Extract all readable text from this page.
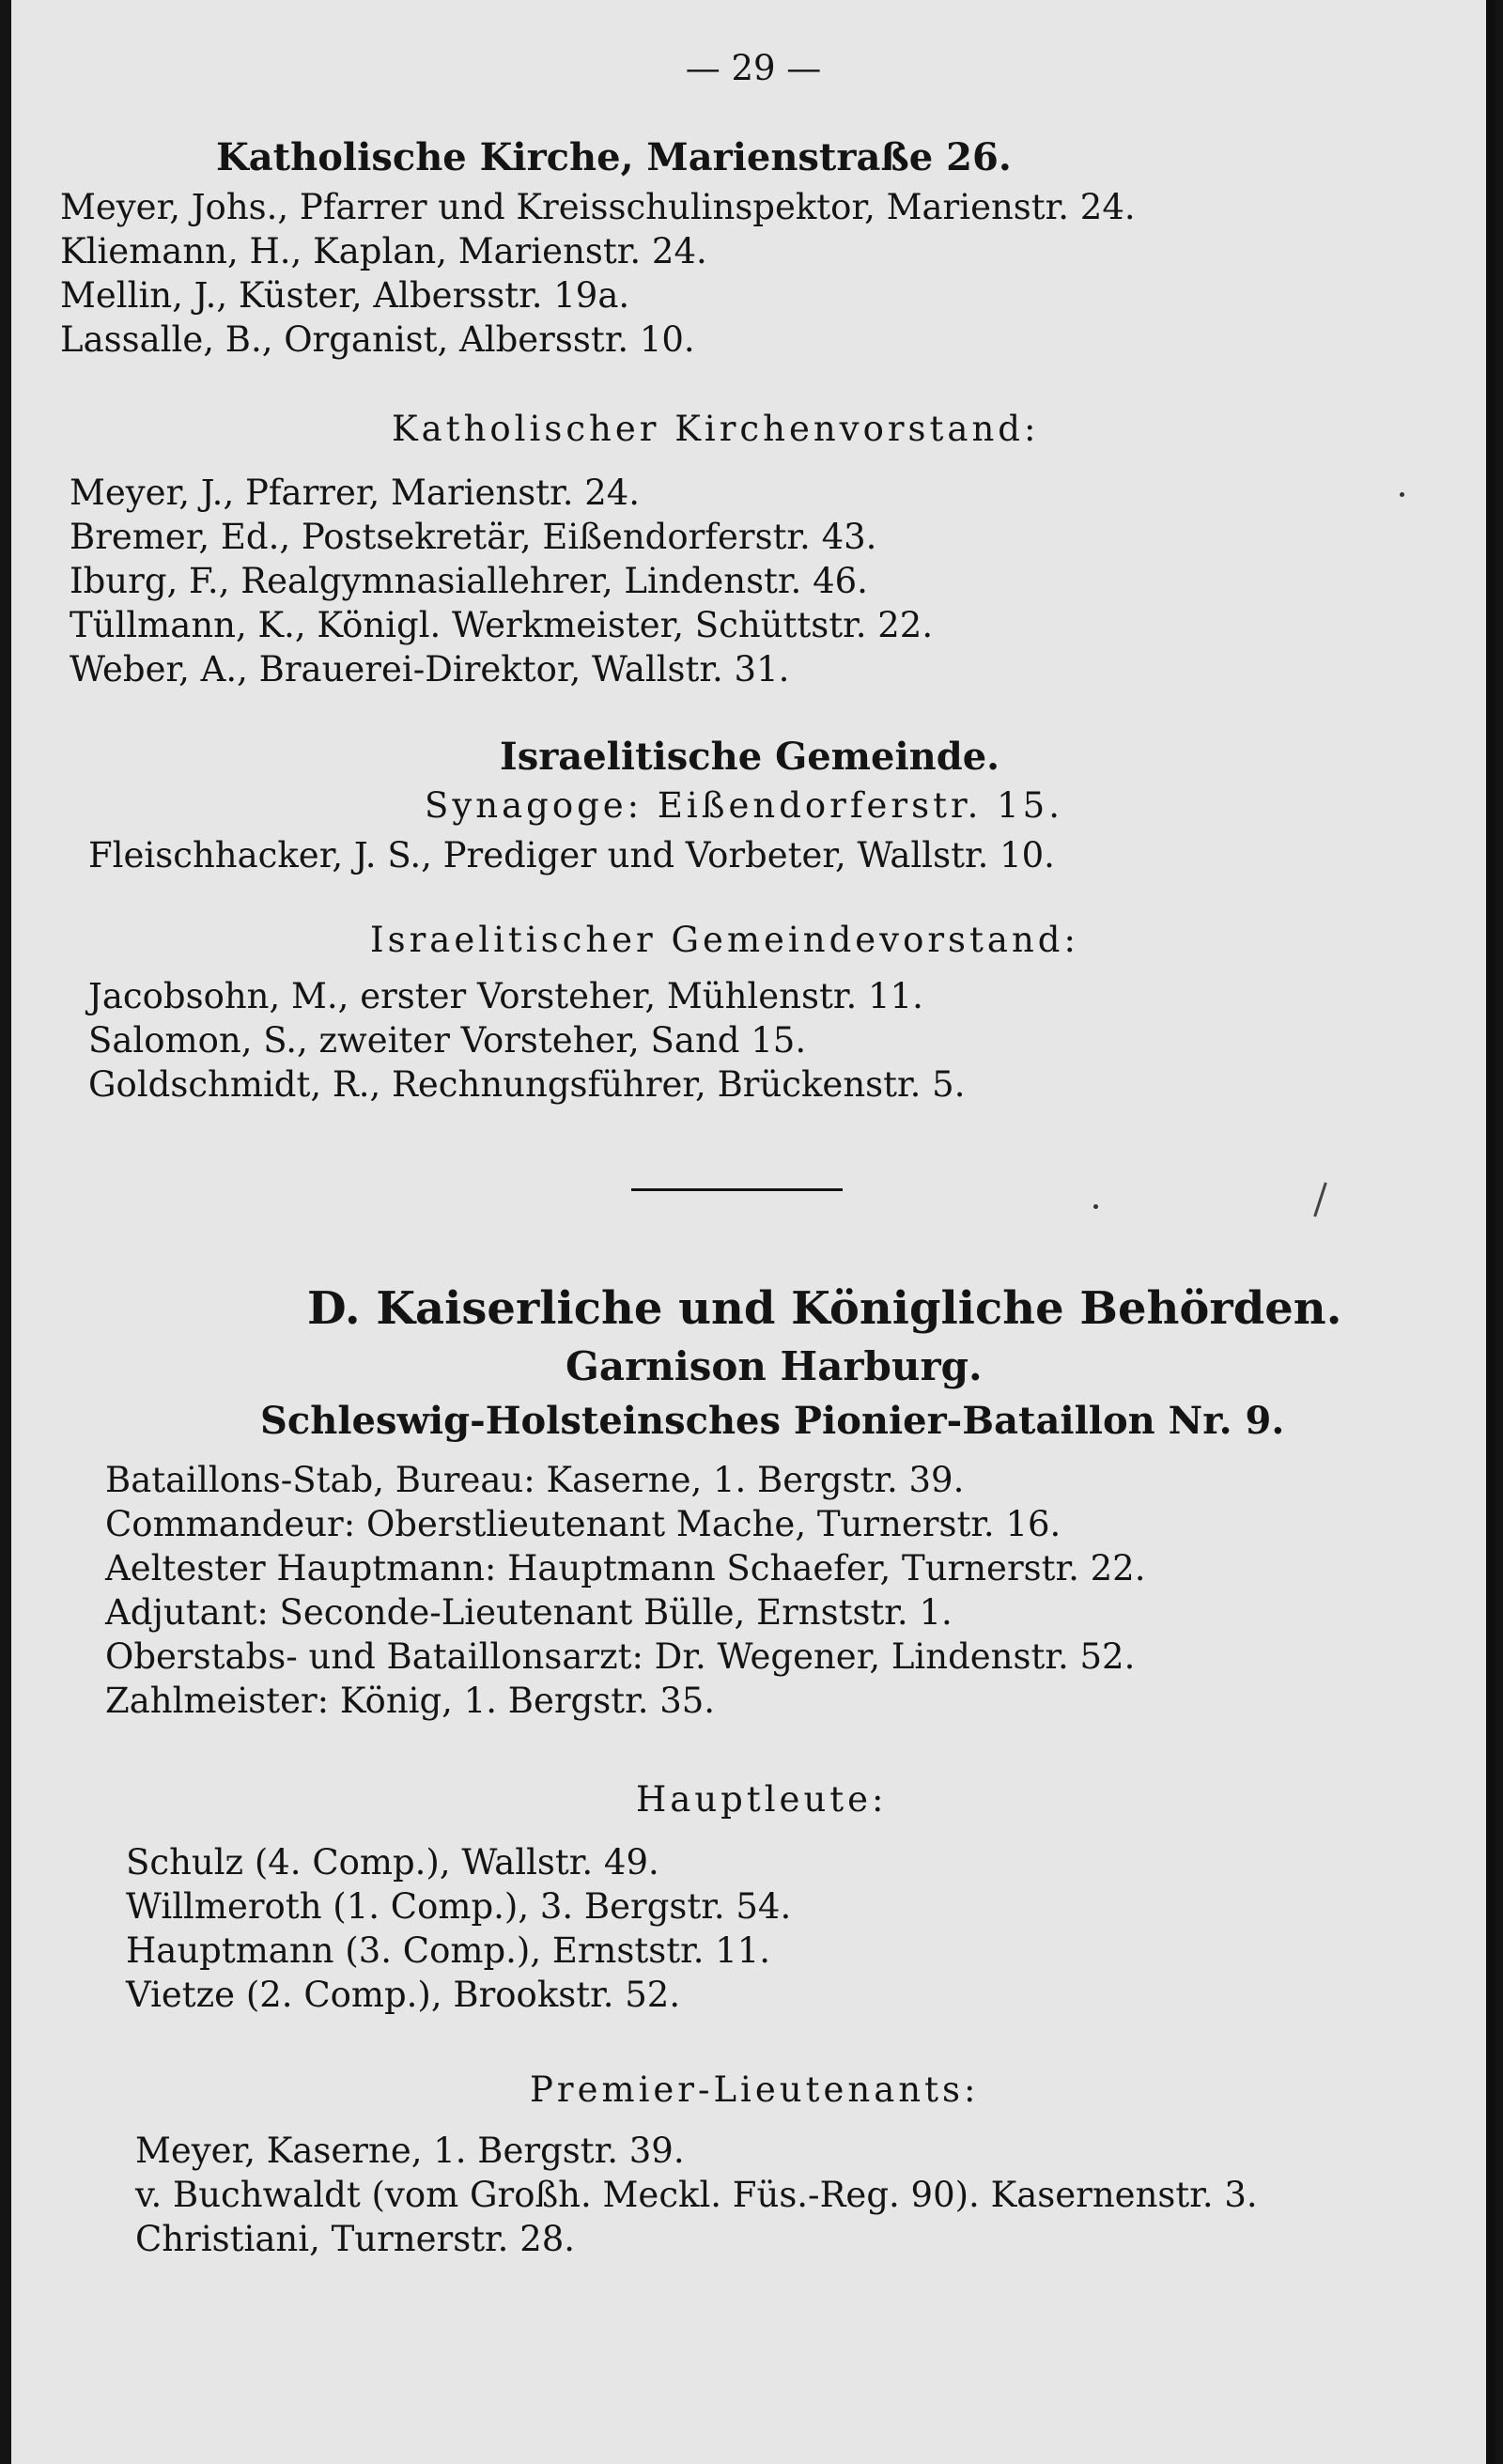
— 29 —
Katholische Kirche, Marienstraße 26.
Meyer, Johs., Pfarrer und Kreisschulinspektor, Marienstr. 24.
Kliemann, H., Kaplan, Marienstr. 24.
Mellin, J., Küster, Albersstr. 19a.
Lassalle, B., Organist, Albersstr. 10.
Katholischer Kirchenvorstand:
Meyer, J., Pfarrer, Marienstr. 24.
Bremer, Ed., Postsekretär, Eißendorferstr. 43.
Iburg, F., Realgymnasiallehrer, Lindenstr. 46.
Tüllmann, K., Königl. Werkmeister, Schüttstr. 22.
Weber, A., Brauerei-Direktor, Wallstr. 31.
Israelitische Gemeinde.
Synagoge: Eißendorferstr. 15.
Fleischhacker, J. S., Prediger und Vorbeter, Wallstr. 10.
Israelitischer Gemeindevorstand:
Jacobsohn, M., erster Vorsteher, Mühlenstr. 11.
Salomon, S., zweiter Vorsteher, Sand 15.
Goldschmidt, R., Rechnungsführer, Brückenstr. 5.
D. Kaiserliche und Königliche Behörden.
Garnison Harburg.
Schleswig-Holsteinsches Pionier-Bataillon Nr. 9.
Bataillons-Stab, Bureau: Kaserne, 1. Bergstr. 39.
Commandeur: Oberstlieutenant Mache, Turnerstr. 16.
Aeltester Hauptmann: Hauptmann Schaefer, Turnerstr. 22.
Adjutant: Seconde-Lieutenant Bülle, Ernststr. 1.
Oberstabs- und Bataillonsarzt: Dr. Wegener, Lindenstr. 52.
Zahlmeister: König, 1. Bergstr. 35.
Hauptleute:
Schulz (4. Comp.), Wallstr. 49.
Willmeroth (1. Comp.), 3. Bergstr. 54.
Hauptmann (3. Comp.), Ernststr. 11.
Vietze (2. Comp.), Brookstr. 52.
Premier-Lieutenants:
Meyer, Kaserne, 1. Bergstr. 39.
v. Buchwaldt (vom Großh. Meckl. Füs.-Reg. 90). Kasernenstr. 3.
Christiani, Turnerstr. 28.
